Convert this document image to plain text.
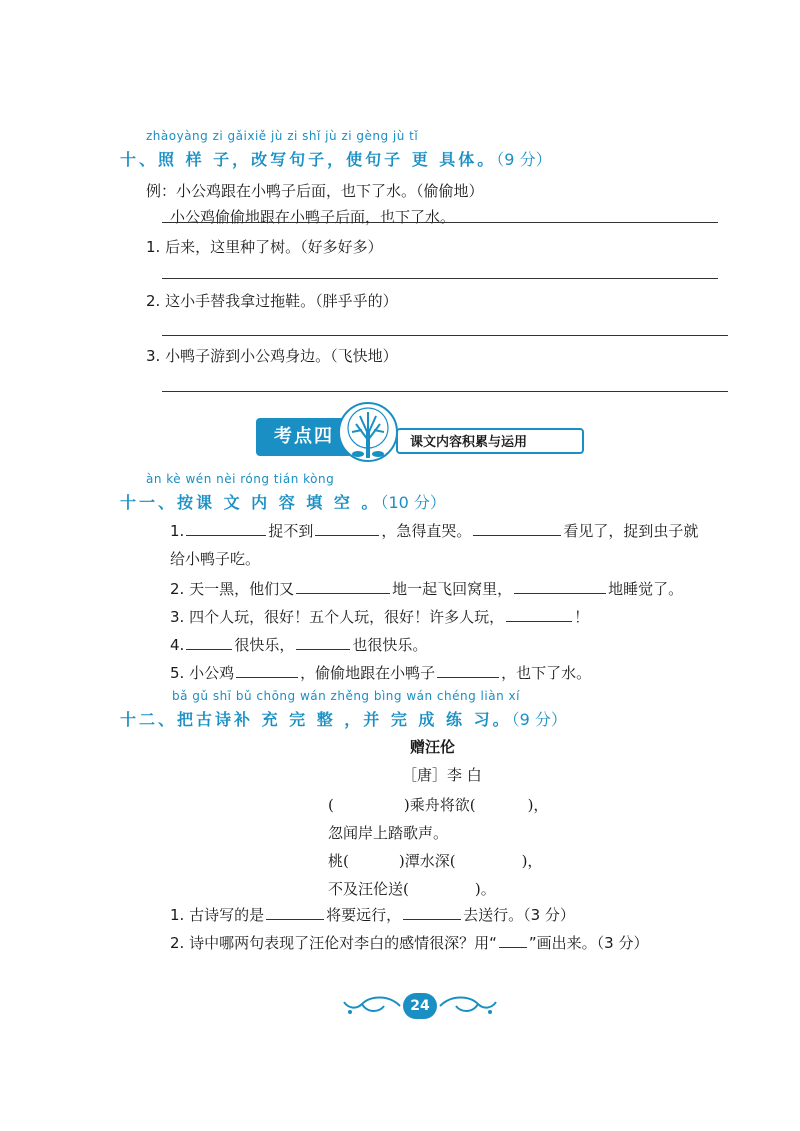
zhàoyàng zi gǎixiě jù zi shǐ jù zi gèng jù tǐ
十、照 样 子，改写句子，使句子 更 具体。（9 分）
例：小公鸡跟在小鸭子后面，也下了水。（偷偷地）
小公鸡偷偷地跟在小鸭子后面，也下了水。
1. 后来，这里种了树。（好多好多）
2. 这小手替我拿过拖鞋。（胖乎乎的）
3. 小鸭子游到小公鸡身边。（飞快地）
考点四	课文内容积累与运用
àn kè wén nèi róng tián kòng
十一、按课 文 内 容 填 空 。（10 分）
1.	捉不到	，急得直哭。	看见了，捉到虫子就
给小鸭子吃。
2. 天一黑，他们又	地一起飞回窝里，	地睡觉了。
3. 四个人玩，很好！五个人玩，很好！许多人玩，	！
4.	很快乐，	也很快乐。
5. 小公鸡	，偷偷地跟在小鸭子	，也下了水。
bǎ gǔ shī bǔ chōng wán zhěng bìng wán chéng liàn xí
十二、把古诗补 充 完 整 ，并 完 成 练 习。（9 分）
赠汪伦
［唐］李 白
(	)乘舟将欲(	)，
忽闻岸上踏歌声。
桃(	)潭水深(	)，
不及汪伦送(	)。
1. 古诗写的是	将要远行，	去送行。（3 分）
2. 诗中哪两句表现了汪伦对李白的感情很深？用“ ”画出来。（3 分）
24
